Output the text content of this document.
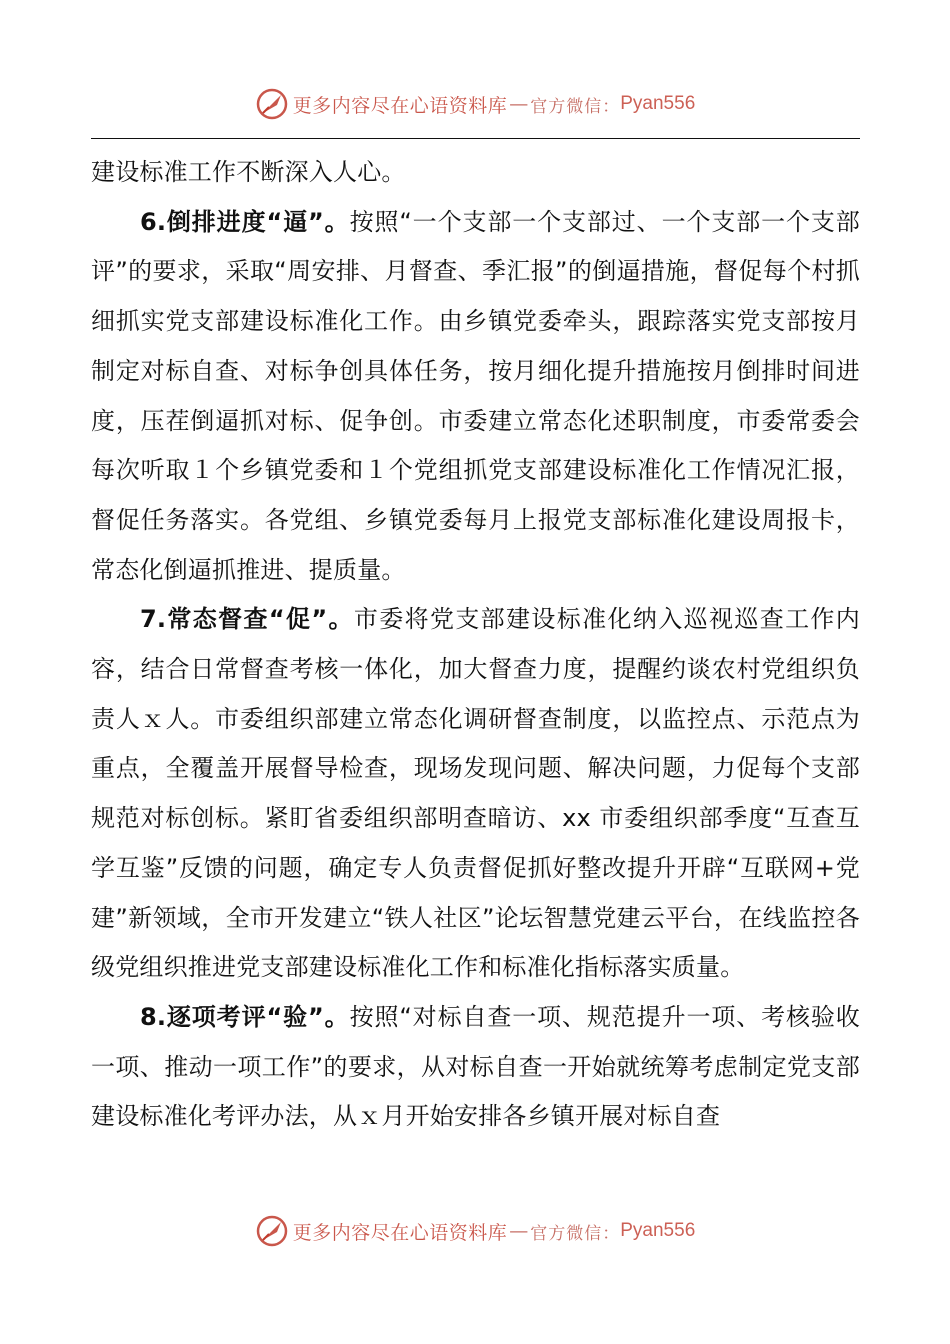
更多内容尽在心语资料库 — 官方微信： Pyan556

建设标准工作不断深入人心。

6.倒排进度“逼”。按照“一个支部一个支部过、一个支部一个支部评”的要求，采取“周安排、月督查、季汇报”的倒逼措施，督促每个村抓细抓实党支部建设标准化工作。由乡镇党委牵头，跟踪落实党支部按月制定对标自查、对标争创具体任务，按月细化提升措施按月倒排时间进度，压茬倒逼抓对标、促争创。市委建立常态化述职制度，市委常委会每次听取１个乡镇党委和１个党组抓党支部建设标准化工作情况汇报，督促任务落实。各党组、乡镇党委每月上报党支部标准化建设周报卡，常态化倒逼抓推进、提质量。

7.常态督查“促”。市委将党支部建设标准化纳入巡视巡查工作内容，结合日常督查考核一体化，加大督查力度，提醒约谈农村党组织负责人ｘ人。市委组织部建立常态化调研督查制度，以监控点、示范点为重点，全覆盖开展督导检查，现场发现问题、解决问题，力促每个支部规范对标创标。紧盯省委组织部明查暗访、xx 市委组织部季度“互查互学互鉴”反馈的问题，确定专人负责督促抓好整改提升开辟“互联网+党建”新领域，全市开发建立“铁人社区”论坛智慧党建云平台，在线监控各级党组织推进党支部建设标准化工作和标准化指标落实质量。

8.逐项考评“验”。按照“对标自查一项、规范提升一项、考核验收一项、推动一项工作”的要求，从对标自查一开始就统筹考虑制定党支部建设标准化考评办法，从ｘ月开始安排各乡镇开展对标自查

更多内容尽在心语资料库 — 官方微信： Pyan556
